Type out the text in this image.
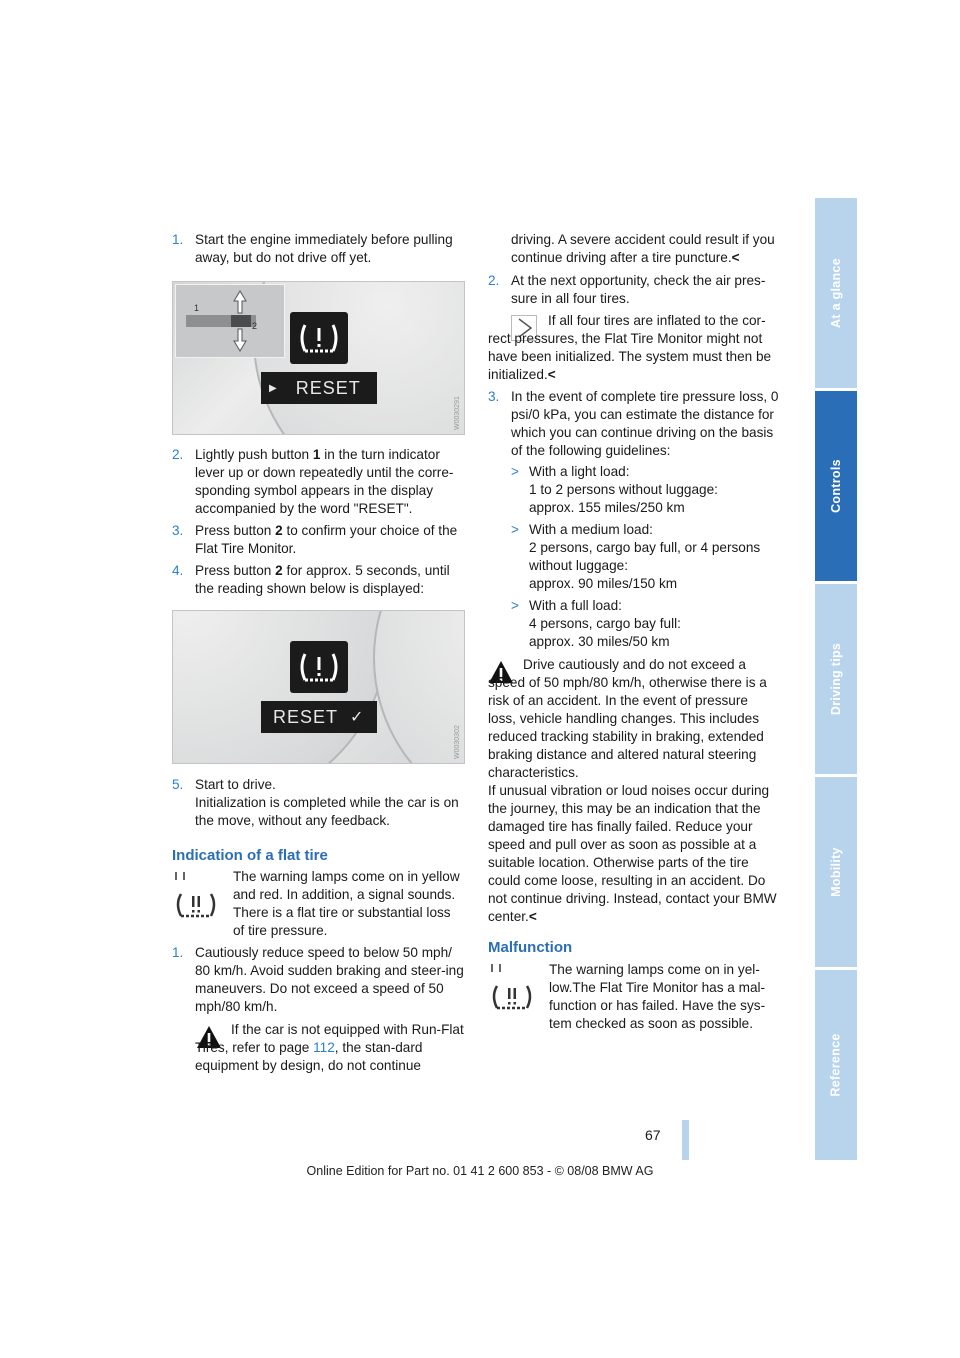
At a glance
Controls
Driving tips
Mobility
Reference

1. Start the engine immediately before pulling away, but do not drive off yet.

1
2
▶ RESET
W0030291

2. Lightly push button 1 in the turn indicator lever up or down repeatedly until the corre-sponding symbol appears in the display accompanied by the word "RESET".

3. Press button 2 to confirm your choice of the Flat Tire Monitor.

4. Press button 2 for approx. 5 seconds, until the reading shown below is displayed:

RESET ✓
W0030302

5. Start to drive.
Initialization is completed while the car is on the move, without any feedback.

Indication of a flat tire

The warning lamps come on in yellow and red. In addition, a signal sounds. There is a flat tire or substantial loss of tire pressure.

1. Cautiously reduce speed to below 50 mph/ 80 km/h. Avoid sudden braking and steer-ing maneuvers. Do not exceed a speed of 50 mph/80 km/h.

If the car is not equipped with Run-Flat Tires, refer to page 112, the stan-dard equipment by design, do not continue

driving. A severe accident could result if you continue driving after a tire puncture.<

2. At the next opportunity, check the air pres-sure in all four tires.

If all four tires are inflated to the cor-rect pressures, the Flat Tire Monitor might not have been initialized. The system must then be initialized.<

3. In the event of complete tire pressure loss, 0 psi/0 kPa, you can estimate the distance for which you can continue driving on the basis of the following guidelines:

> With a light load:

1 to 2 persons without luggage:

approx. 155 miles/250 km

> With a medium load:

2 persons, cargo bay full, or 4 persons without luggage:

approx. 90 miles/150 km

> With a full load:

4 persons, cargo bay full:

approx. 30 miles/50 km

Drive cautiously and do not exceed a speed of 50 mph/80 km/h, otherwise there is a risk of an accident. In the event of pressure loss, vehicle handling changes. This includes reduced tracking stability in braking, extended braking distance and altered natural steering characteristics.

If unusual vibration or loud noises occur during the journey, this may be an indication that the damaged tire has finally failed. Reduce your speed and pull over as soon as possible at a suitable location. Otherwise parts of the tire could come loose, resulting in an accident. Do not continue driving. Instead, contact your BMW center.<

Malfunction

The warning lamps come on in yel-low.The Flat Tire Monitor has a mal-function or has failed. Have the sys-tem checked as soon as possible.

67
Online Edition for Part no. 01 41 2 600 853 - © 08/08 BMW AG
